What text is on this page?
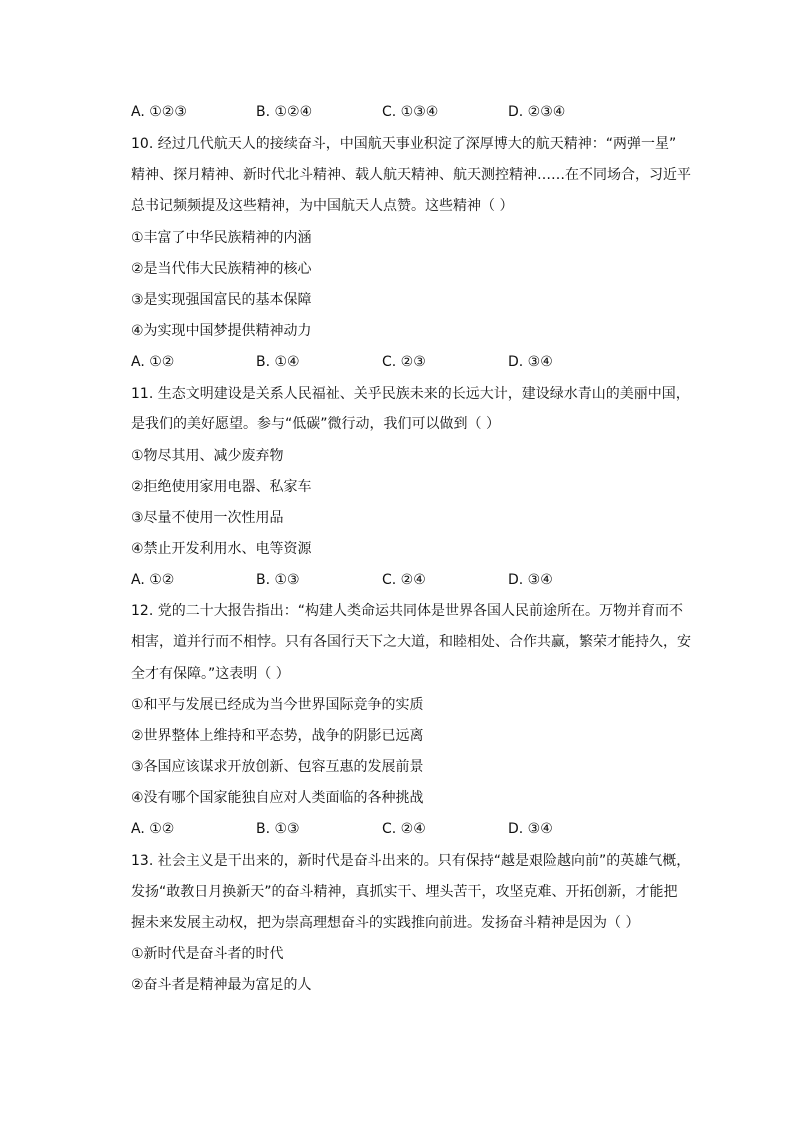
A. ①②③	B. ①②④	C. ①③④	D. ②③④
10. 经过几代航天人的接续奋斗，中国航天事业积淀了深厚博大的航天精神：“两弹一星”
精神、探月精神、新时代北斗精神、载人航天精神、航天测控精神……在不同场合，习近平
总书记频频提及这些精神，为中国航天人点赞。这些精神（ ）
①丰富了中华民族精神的内涵
②是当代伟大民族精神的核心
③是实现强国富民的基本保障
④为实现中国梦提供精神动力
A. ①②	B. ①④	C. ②③	D. ③④
11. 生态文明建设是关系人民福祉、关乎民族未来的长远大计，建设绿水青山的美丽中国，
是我们的美好愿望。参与“低碳”微行动，我们可以做到（ ）
①物尽其用、减少废弃物
②拒绝使用家用电器、私家车
③尽量不使用一次性用品
④禁止开发利用水、电等资源
A. ①②	B. ①③	C. ②④	D. ③④
12. 党的二十大报告指出：“构建人类命运共同体是世界各国人民前途所在。万物并育而不
相害，道并行而不相悖。只有各国行天下之大道，和睦相处、合作共赢，繁荣才能持久，安
全才有保障。”这表明（ ）
①和平与发展已经成为当今世界国际竞争的实质
②世界整体上维持和平态势，战争的阴影已远离
③各国应该谋求开放创新、包容互惠的发展前景
④没有哪个国家能独自应对人类面临的各种挑战
A. ①②	B. ①③	C. ②④	D. ③④
13. 社会主义是干出来的，新时代是奋斗出来的。只有保持“越是艰险越向前”的英雄气概，
发扬“敢教日月换新天”的奋斗精神，真抓实干、埋头苦干，攻坚克难、开拓创新，才能把
握未来发展主动权，把为崇高理想奋斗的实践推向前进。发扬奋斗精神是因为（ ）
①新时代是奋斗者的时代
②奋斗者是精神最为富足的人
